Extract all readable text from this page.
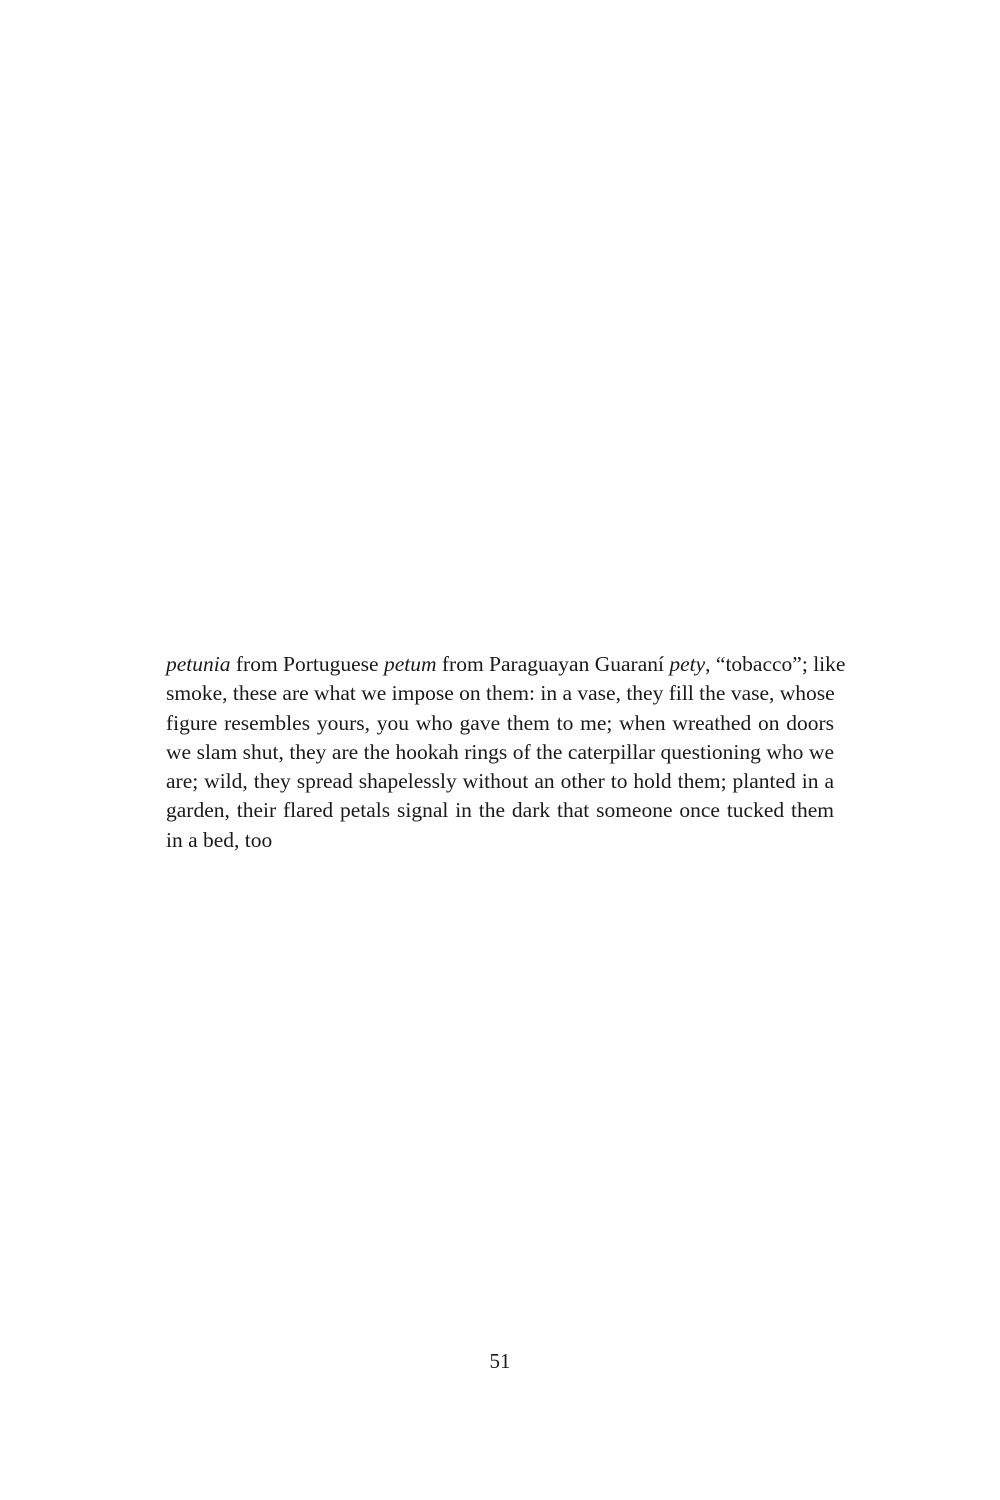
petunia from Portuguese petum from Paraguayan Guaraní pety, “tobacco”; like
smoke, these are what we impose on them: in a vase, they fill the vase, whose
figure resembles yours, you who gave them to me; when wreathed on doors
we slam shut, they are the hookah rings of the caterpillar questioning who we
are; wild, they spread shapelessly without an other to hold them; planted in a
garden, their flared petals signal in the dark that someone once tucked them
in a bed, too

51
